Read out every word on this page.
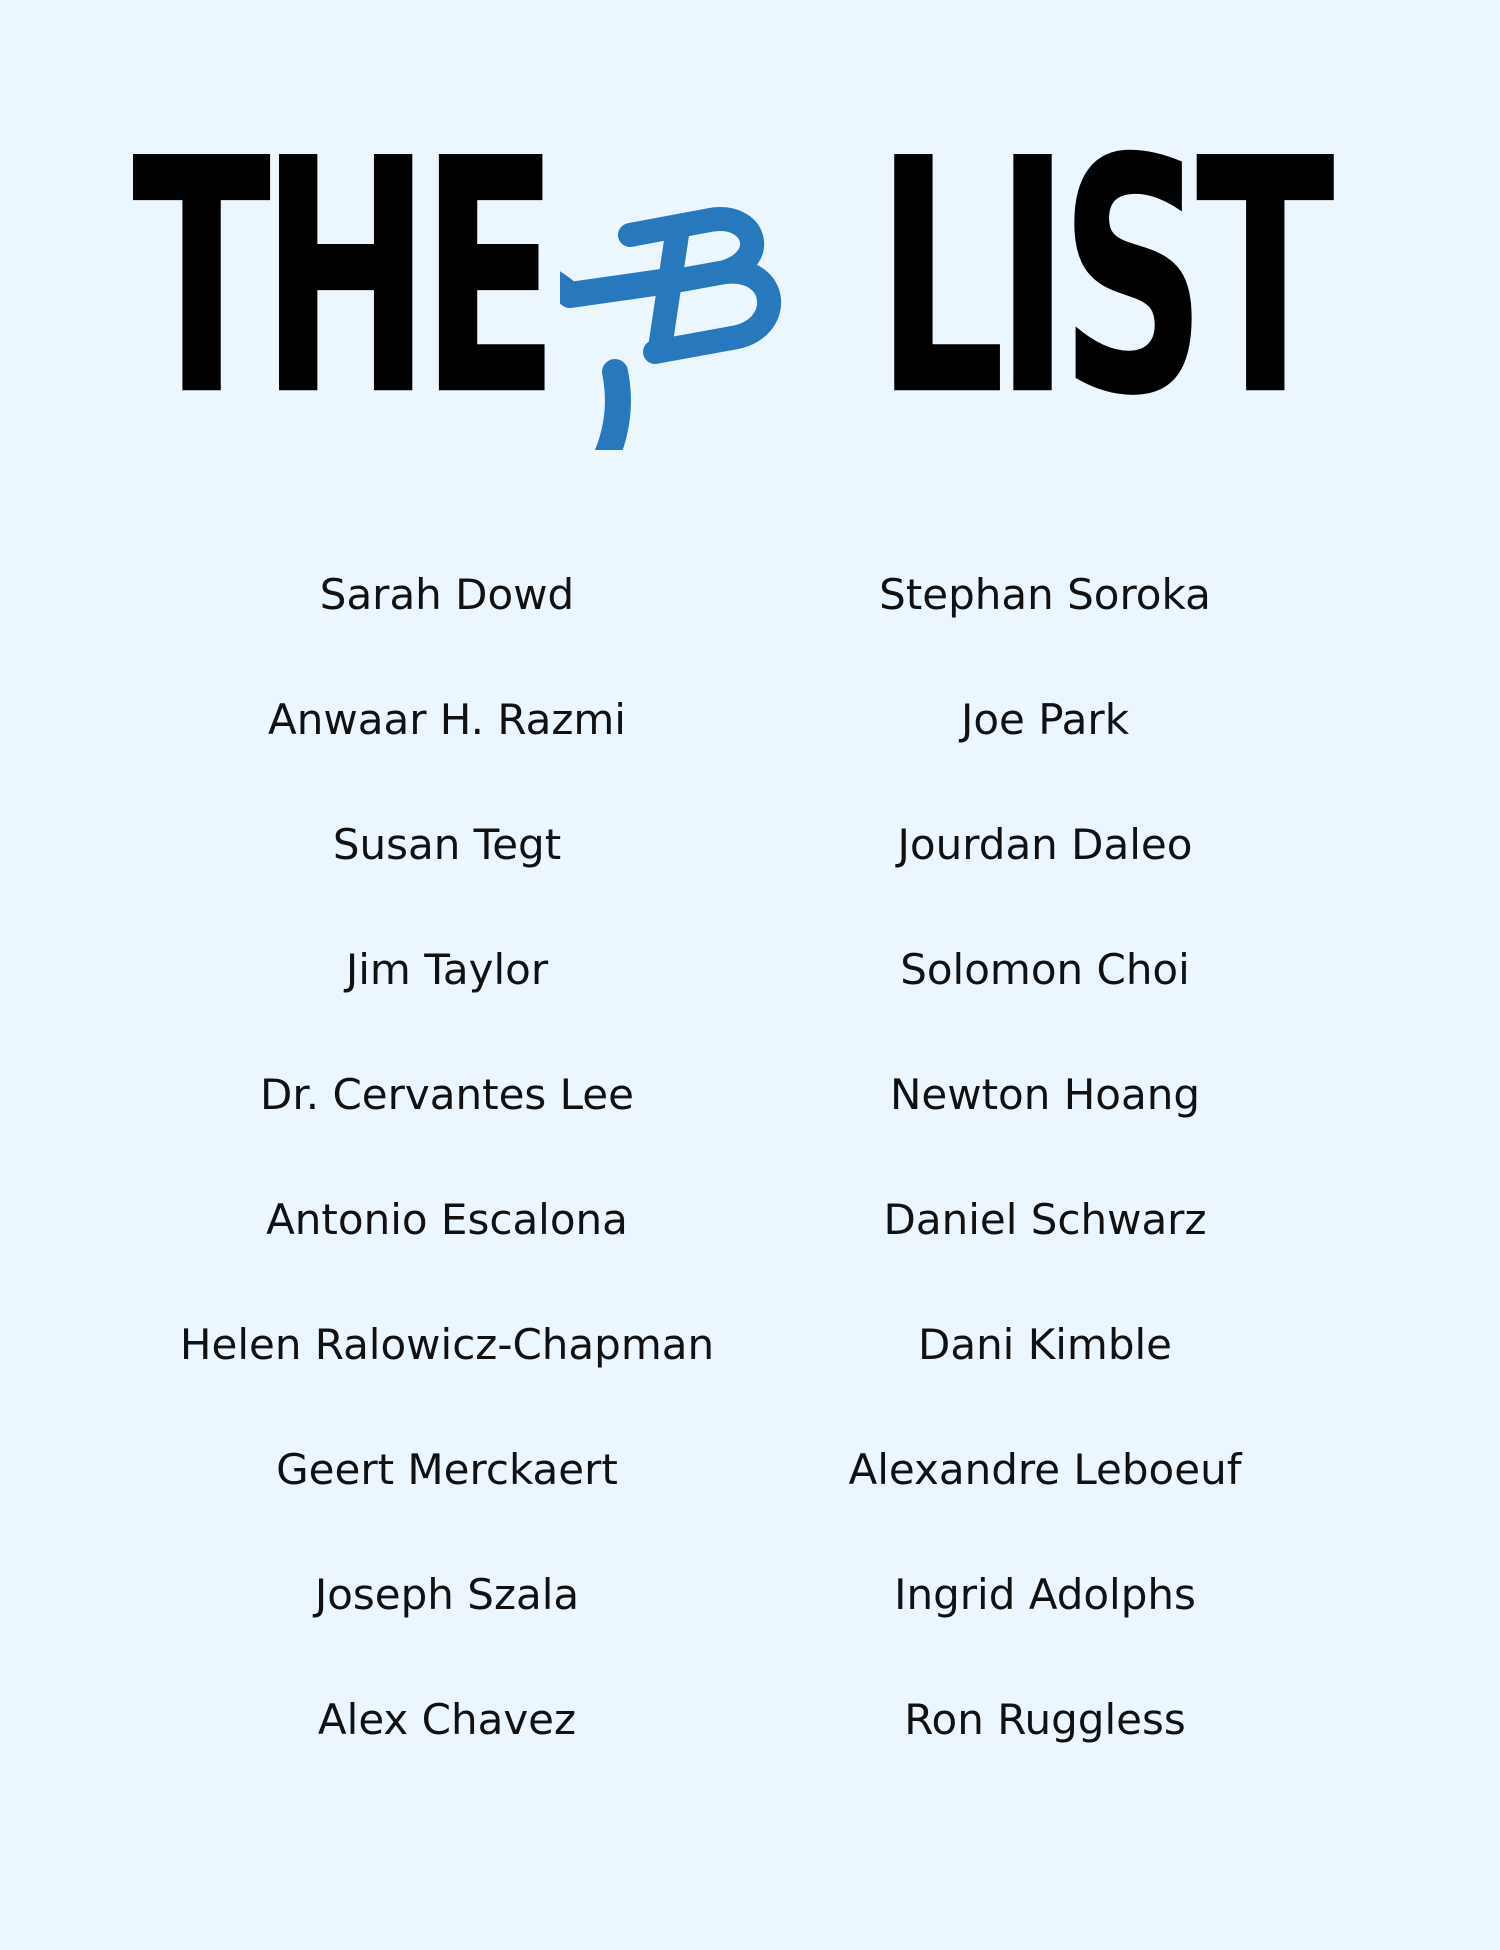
THE LIST
Sarah Dowd
Anwaar H. Razmi
Susan Tegt
Jim Taylor
Dr. Cervantes Lee
Antonio Escalona
Helen Ralowicz-Chapman
Geert Merckaert
Joseph Szala
Alex Chavez
Stephan Soroka
Joe Park
Jourdan Daleo
Solomon Choi
Newton Hoang
Daniel Schwarz
Dani Kimble
Alexandre Leboeuf
Ingrid Adolphs
Ron Ruggless
